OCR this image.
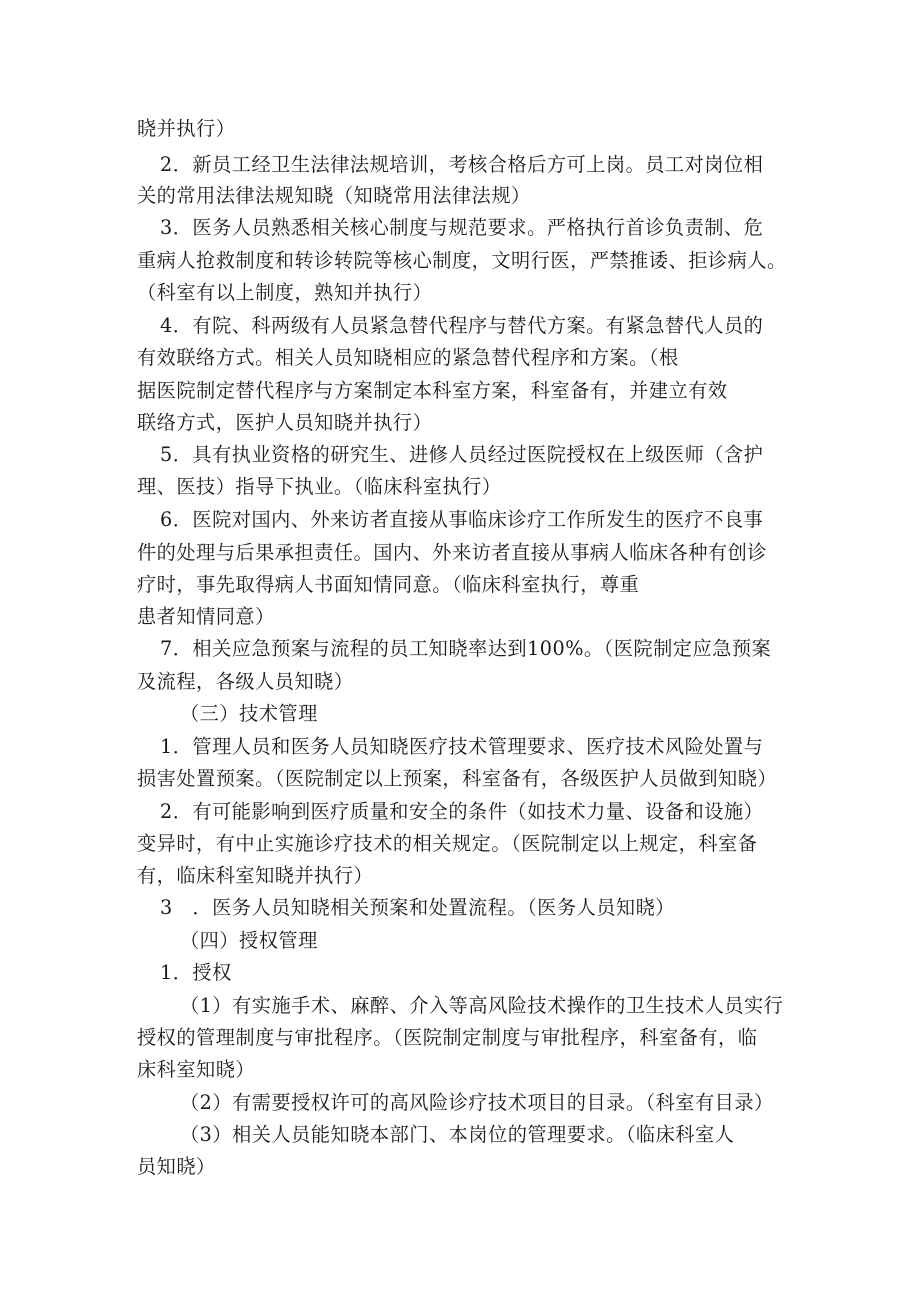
晓并执行）
2．新员工经卫生法律法规培训，考核合格后方可上岗。员工对岗位相
关的常用法律法规知晓（知晓常用法律法规）
3．医务人员熟悉相关核心制度与规范要求。严格执行首诊负责制、危
重病人抢救制度和转诊转院等核心制度，文明行医，严禁推诿、拒诊病人。
（科室有以上制度，熟知并执行）
4．有院、科两级有人员紧急替代程序与替代方案。有紧急替代人员的
有效联络方式。相关人员知晓相应的紧急替代程序和方案。（根
据医院制定替代程序与方案制定本科室方案，科室备有，并建立有效
联络方式，医护人员知晓并执行）
5．具有执业资格的研究生、进修人员经过医院授权在上级医师（含护
理、医技）指导下执业。（临床科室执行）
6．医院对国内、外来访者直接从事临床诊疗工作所发生的医疗不良事
件的处理与后果承担责任。国内、外来访者直接从事病人临床各种有创诊
疗时，事先取得病人书面知情同意。（临床科室执行，尊重
患者知情同意）
7．相关应急预案与流程的员工知晓率达到100%。（医院制定应急预案
及流程，各级人员知晓）
（三）技术管理
1．管理人员和医务人员知晓医疗技术管理要求、医疗技术风险处置与
损害处置预案。（医院制定以上预案，科室备有，各级医护人员做到知晓）
2．有可能影响到医疗质量和安全的条件（如技术力量、设备和设施）
变异时，有中止实施诊疗技术的相关规定。（医院制定以上规定，科室备
有，临床科室知晓并执行）
3　．医务人员知晓相关预案和处置流程。（医务人员知晓）
（四）授权管理
1．授权
（1）有实施手术、麻醉、介入等高风险技术操作的卫生技术人员实行
授权的管理制度与审批程序。（医院制定制度与审批程序，科室备有，临
床科室知晓）
（2）有需要授权许可的高风险诊疗技术项目的目录。（科室有目录）
（3）相关人员能知晓本部门、本岗位的管理要求。（临床科室人
员知晓）
